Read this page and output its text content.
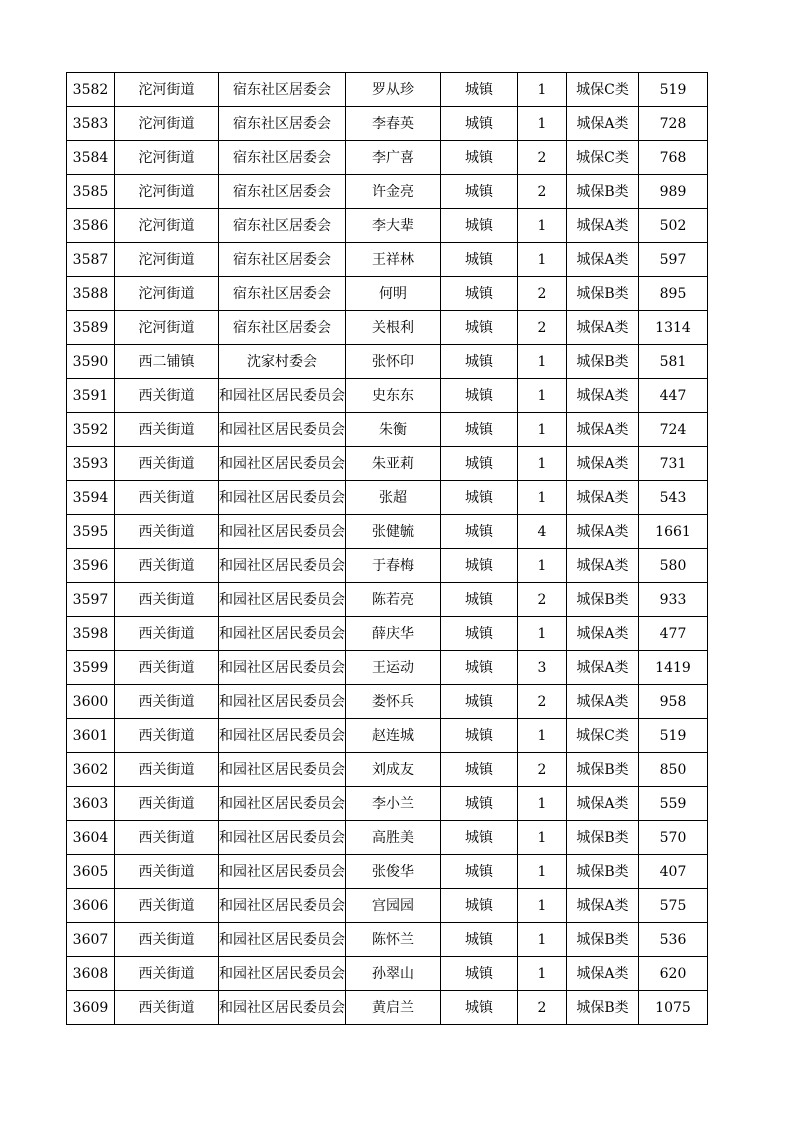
3582	沱河街道	宿东社区居委会	罗从珍	城镇	1	城保C类	519
3583	沱河街道	宿东社区居委会	李春英	城镇	1	城保A类	728
3584	沱河街道	宿东社区居委会	李广喜	城镇	2	城保C类	768
3585	沱河街道	宿东社区居委会	许金亮	城镇	2	城保B类	989
3586	沱河街道	宿东社区居委会	李大辈	城镇	1	城保A类	502
3587	沱河街道	宿东社区居委会	王祥林	城镇	1	城保A类	597
3588	沱河街道	宿东社区居委会	何明	城镇	2	城保B类	895
3589	沱河街道	宿东社区居委会	关根利	城镇	2	城保A类	1314
3590	西二铺镇	沈家村委会	张怀印	城镇	1	城保B类	581
3591	西关街道	和园社区居民委员会	史东东	城镇	1	城保A类	447
3592	西关街道	和园社区居民委员会	朱衡	城镇	1	城保A类	724
3593	西关街道	和园社区居民委员会	朱亚莉	城镇	1	城保A类	731
3594	西关街道	和园社区居民委员会	张超	城镇	1	城保A类	543
3595	西关街道	和园社区居民委员会	张健毓	城镇	4	城保A类	1661
3596	西关街道	和园社区居民委员会	于春梅	城镇	1	城保A类	580
3597	西关街道	和园社区居民委员会	陈若亮	城镇	2	城保B类	933
3598	西关街道	和园社区居民委员会	薛庆华	城镇	1	城保A类	477
3599	西关街道	和园社区居民委员会	王运动	城镇	3	城保A类	1419
3600	西关街道	和园社区居民委员会	娄怀兵	城镇	2	城保A类	958
3601	西关街道	和园社区居民委员会	赵连城	城镇	1	城保C类	519
3602	西关街道	和园社区居民委员会	刘成友	城镇	2	城保B类	850
3603	西关街道	和园社区居民委员会	李小兰	城镇	1	城保A类	559
3604	西关街道	和园社区居民委员会	高胜美	城镇	1	城保B类	570
3605	西关街道	和园社区居民委员会	张俊华	城镇	1	城保B类	407
3606	西关街道	和园社区居民委员会	宫园园	城镇	1	城保A类	575
3607	西关街道	和园社区居民委员会	陈怀兰	城镇	1	城保B类	536
3608	西关街道	和园社区居民委员会	孙翠山	城镇	1	城保A类	620
3609	西关街道	和园社区居民委员会	黄启兰	城镇	2	城保B类	1075
